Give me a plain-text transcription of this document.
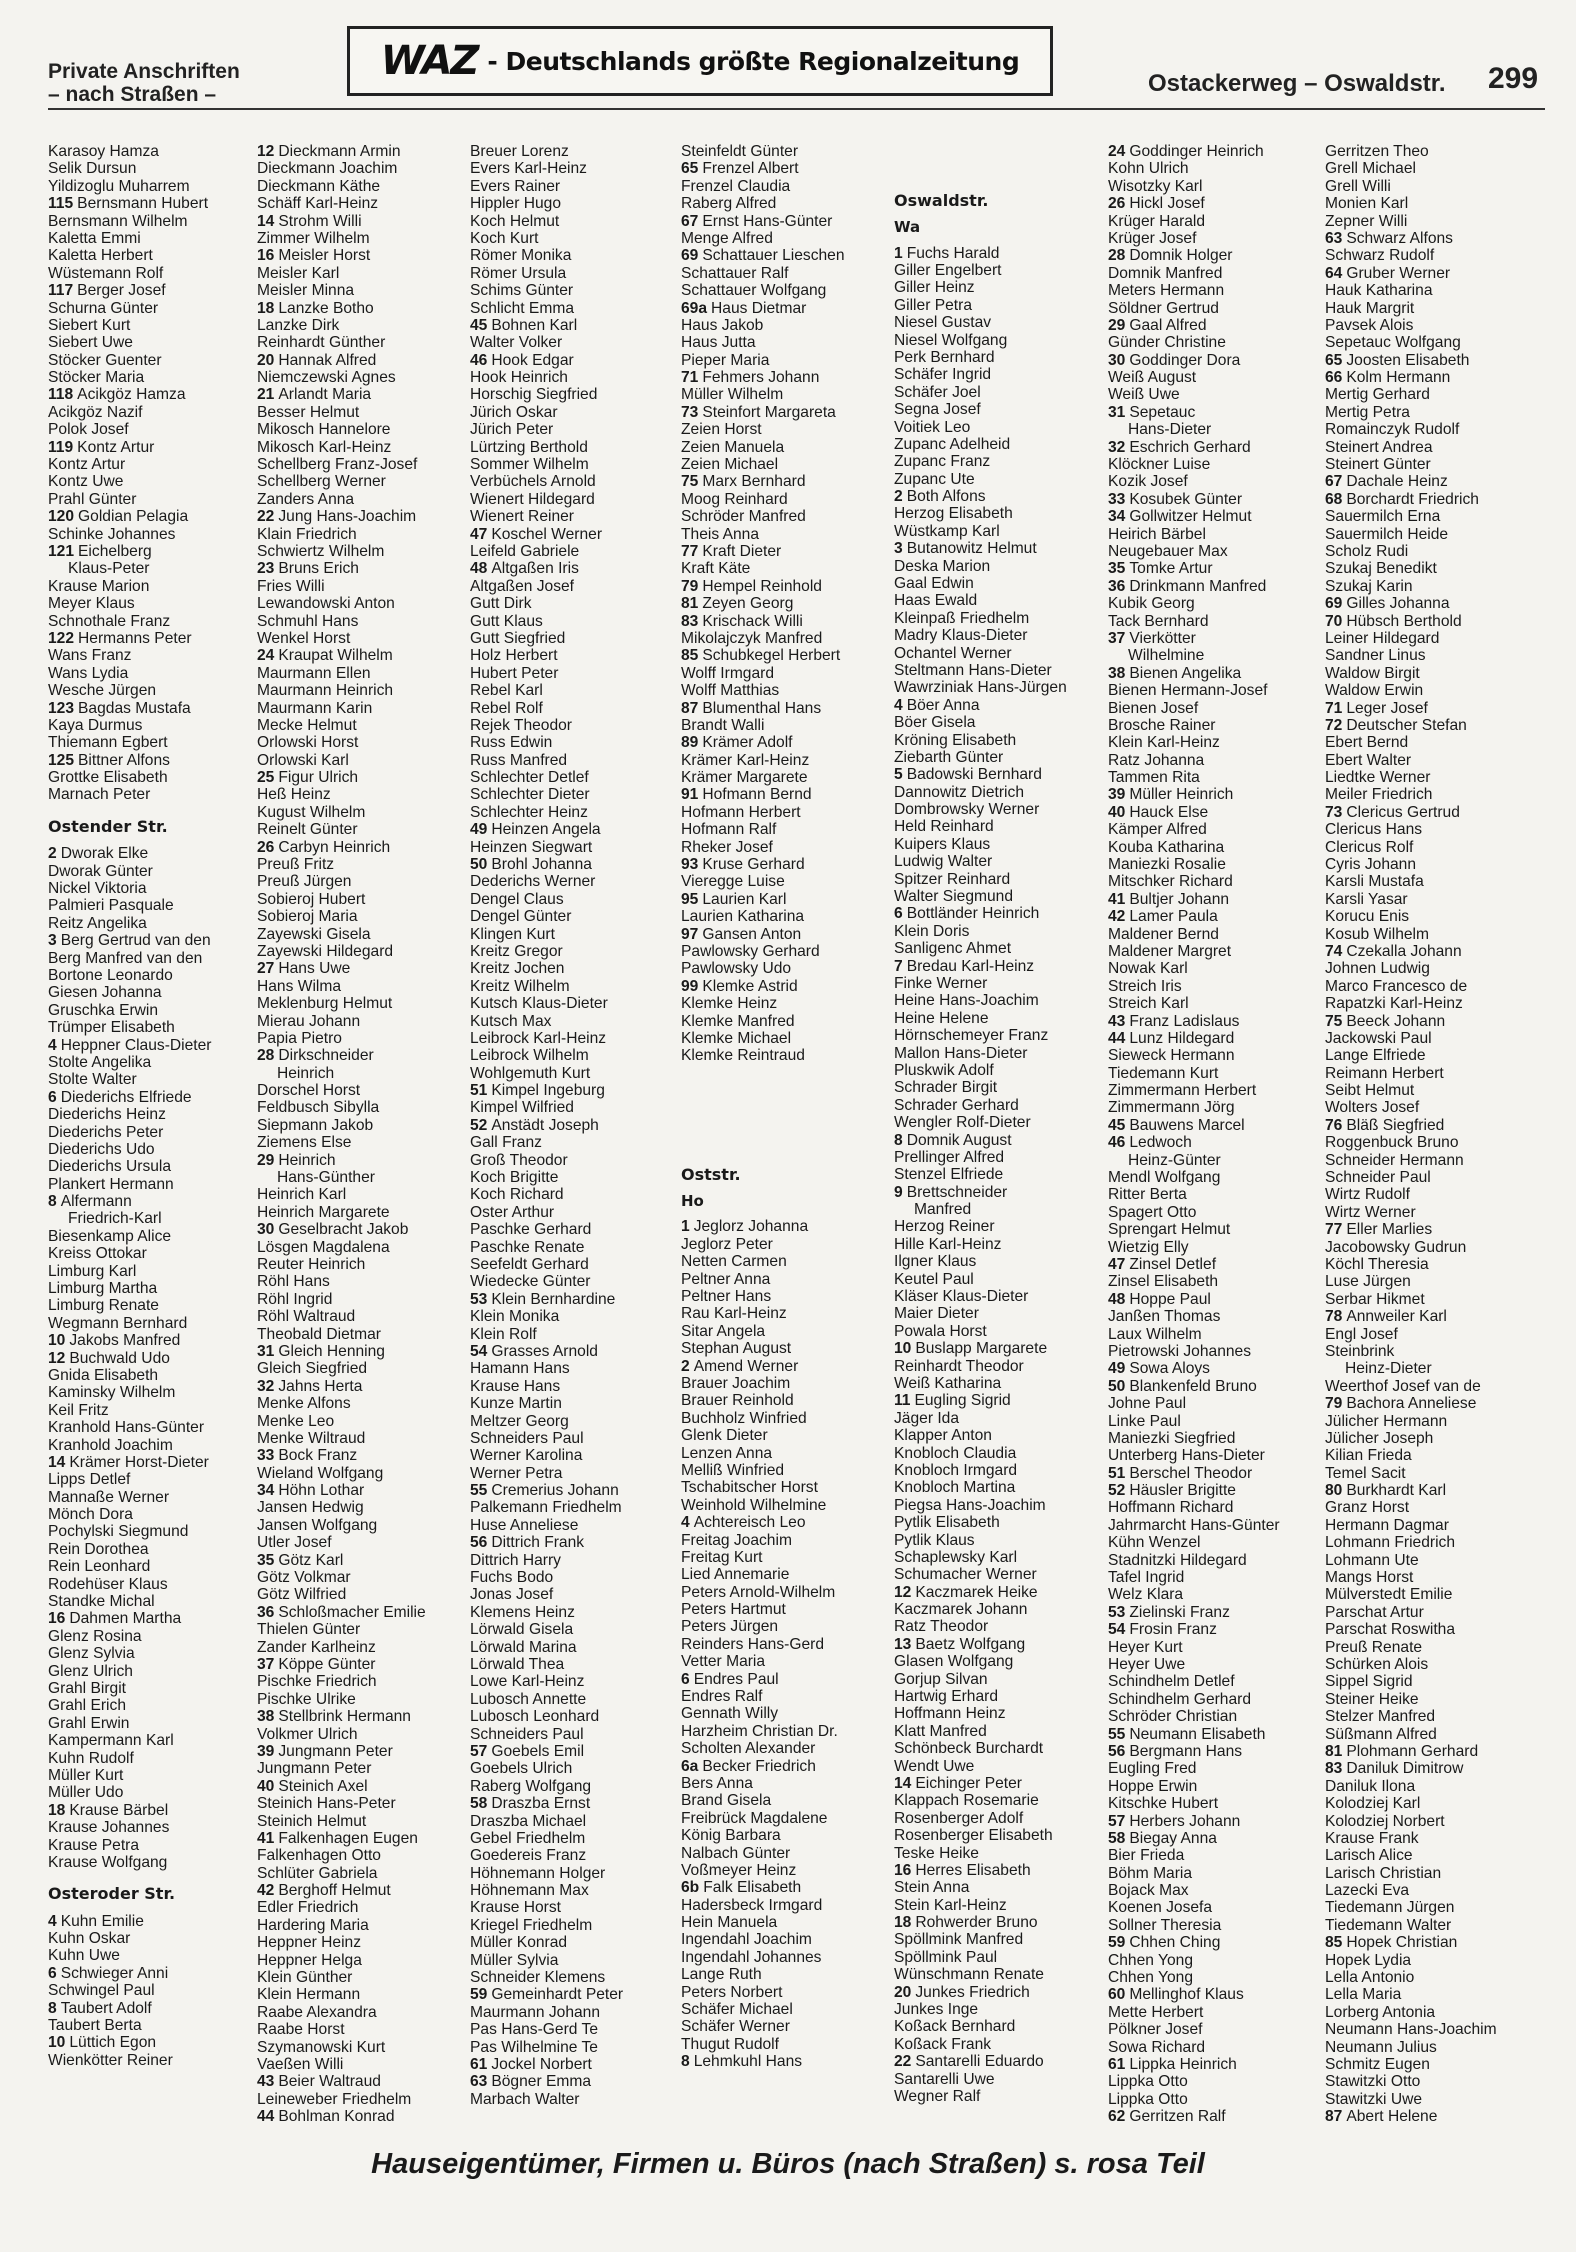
Private Anschriften
– nach Straßen –
WAZ - Deutschlands größte Regionalzeitung
Ostackerweg – Oswaldstr. 299
Karasoy Hamza
Selik Dursun
Yildizoglu Muharrem
115 Bernsmann Hubert
Bernsmann Wilhelm
Kaletta Emmi
Kaletta Herbert
Wüstemann Rolf
117 Berger Josef
Schurna Günter
Siebert Kurt
Siebert Uwe
Stöcker Guenter
Stöcker Maria
118 Acikgöz Hamza
Acikgöz Nazif
Polok Josef
119 Kontz Artur
Kontz Artur
Kontz Uwe
Prahl Günter
120 Goldian Pelagia
Schinke Johannes
121 Eichelberg
Klaus-Peter
Krause Marion
Meyer Klaus
Schnothale Franz
122 Hermanns Peter
Wans Franz
Wans Lydia
Wesche Jürgen
123 Bagdas Mustafa
Kaya Durmus
Thiemann Egbert
125 Bittner Alfons
Grottke Elisabeth
Marnach Peter
Ostender Str.
2 Dworak Elke
Dworak Günter
Nickel Viktoria
Palmieri Pasquale
Reitz Angelika
3 Berg Gertrud van den
Berg Manfred van den
Bortone Leonardo
Giesen Johanna
Gruschka Erwin
Trümper Elisabeth
4 Heppner Claus-Dieter
Stolte Angelika
Stolte Walter
6 Diederichs Elfriede
Diederichs Heinz
Diederichs Peter
Diederichs Udo
Diederichs Ursula
Plankert Hermann
8 Alfermann
Friedrich-Karl
Biesenkamp Alice
Kreiss Ottokar
Limburg Karl
Limburg Martha
Limburg Renate
Wegmann Bernhard
10 Jakobs Manfred
12 Buchwald Udo
Gnida Elisabeth
Kaminsky Wilhelm
Keil Fritz
Kranhold Hans-Günter
Kranhold Joachim
14 Krämer Horst-Dieter
Lipps Detlef
Mannaße Werner
Mönch Dora
Pochylski Siegmund
Rein Dorothea
Rein Leonhard
Rodehüser Klaus
Standke Michal
16 Dahmen Martha
Glenz Rosina
Glenz Sylvia
Glenz Ulrich
Grahl Birgit
Grahl Erich
Grahl Erwin
Kampermann Karl
Kuhn Rudolf
Müller Kurt
Müller Udo
18 Krause Bärbel
Krause Johannes
Krause Petra
Krause Wolfgang
Osteroder Str.
4 Kuhn Emilie
Kuhn Oskar
Kuhn Uwe
6 Schwieger Anni
Schwingel Paul
8 Taubert Adolf
Taubert Berta
10 Lüttich Egon
Wienkötter Reiner
12 Dieckmann Armin
Dieckmann Joachim
Dieckmann Käthe
Schäff Karl-Heinz
14 Strohm Willi
Zimmer Wilhelm
16 Meisler Horst
Meisler Karl
Meisler Minna
18 Lanzke Botho
Lanzke Dirk
Reinhardt Günther
20 Hannak Alfred
Niemczewski Agnes
21 Arlandt Maria
Besser Helmut
Mikosch Hannelore
Mikosch Karl-Heinz
Schellberg Franz-Josef
Schellberg Werner
Zanders Anna
22 Jung Hans-Joachim
Klain Friedrich
Schwiertz Wilhelm
23 Bruns Erich
Fries Willi
Lewandowski Anton
Schmuhl Hans
Wenkel Horst
24 Kraupat Wilhelm
Maurmann Ellen
Maurmann Heinrich
Maurmann Karin
Mecke Helmut
Orlowski Horst
Orlowski Karl
25 Figur Ulrich
Heß Heinz
Kugust Wilhelm
Reinelt Günter
26 Carbyn Heinrich
Preuß Fritz
Preuß Jürgen
Sobieroj Hubert
Sobieroj Maria
Zayewski Gisela
Zayewski Hildegard
27 Hans Uwe
Hans Wilma
Meklenburg Helmut
Mierau Johann
Papia Pietro
28 Dirkschneider
Heinrich
Dorschel Horst
Feldbusch Sibylla
Siepmann Jakob
Ziemens Else
29 Heinrich
Hans-Günther
Heinrich Karl
Heinrich Margarete
30 Geselbracht Jakob
Lösgen Magdalena
Reuter Heinrich
Röhl Hans
Röhl Ingrid
Röhl Waltraud
Theobald Dietmar
31 Gleich Henning
Gleich Siegfried
32 Jahns Herta
Menke Alfons
Menke Leo
Menke Wiltraud
33 Bock Franz
Wieland Wolfgang
34 Höhn Lothar
Jansen Hedwig
Jansen Wolfgang
Utler Josef
35 Götz Karl
Götz Volkmar
Götz Wilfried
36 Schloßmacher Emilie
Thielen Günter
Zander Karlheinz
37 Köppe Günter
Pischke Friedrich
Pischke Ulrike
38 Stellbrink Hermann
Volkmer Ulrich
39 Jungmann Peter
Jungmann Peter
40 Steinich Axel
Steinich Hans-Peter
Steinich Helmut
41 Falkenhagen Eugen
Falkenhagen Otto
Schlüter Gabriela
42 Berghoff Helmut
Edler Friedrich
Hardering Maria
Heppner Heinz
Heppner Helga
Klein Günther
Klein Hermann
Raabe Alexandra
Raabe Horst
Szymanowski Kurt
Vaeßen Willi
43 Beier Waltraud
Leineweber Friedhelm
44 Bohlman Konrad
Breuer Lorenz
Evers Karl-Heinz
Evers Rainer
Hippler Hugo
Koch Helmut
Koch Kurt
Römer Monika
Römer Ursula
Schims Günter
Schlicht Emma
45 Bohnen Karl
Walter Volker
46 Hook Edgar
Hook Heinrich
Horschig Siegfried
Jürich Oskar
Jürich Peter
Lürtzing Berthold
Sommer Wilhelm
Verbüchels Arnold
Wienert Hildegard
Wienert Reiner
47 Koschel Werner
Leifeld Gabriele
48 Altgaßen Iris
Altgaßen Josef
Gutt Dirk
Gutt Klaus
Gutt Siegfried
Holz Herbert
Hubert Peter
Rebel Karl
Rebel Rolf
Rejek Theodor
Russ Edwin
Russ Manfred
Schlechter Detlef
Schlechter Dieter
Schlechter Heinz
49 Heinzen Angela
Heinzen Siegwart
50 Brohl Johanna
Dederichs Werner
Dengel Claus
Dengel Günter
Klingen Kurt
Kreitz Gregor
Kreitz Jochen
Kreitz Wilhelm
Kutsch Klaus-Dieter
Kutsch Max
Leibrock Karl-Heinz
Leibrock Wilhelm
Wohlgemuth Kurt
51 Kimpel Ingeburg
Kimpel Wilfried
52 Anstädt Joseph
Gall Franz
Groß Theodor
Koch Brigitte
Koch Richard
Oster Arthur
Paschke Gerhard
Paschke Renate
Seefeldt Gerhard
Wiedecke Günter
53 Klein Bernhardine
Klein Monika
Klein Rolf
54 Grasses Arnold
Hamann Hans
Krause Hans
Kunze Martin
Meltzer Georg
Schneiders Paul
Werner Karolina
Werner Petra
55 Cremerius Johann
Palkemann Friedhelm
Huse Anneliese
56 Dittrich Frank
Dittrich Harry
Fuchs Bodo
Jonas Josef
Klemens Heinz
Lörwald Gisela
Lörwald Marina
Lörwald Thea
Lowe Karl-Heinz
Lubosch Annette
Lubosch Leonhard
Schneiders Paul
57 Goebels Emil
Goebels Ulrich
Raberg Wolfgang
58 Draszba Ernst
Draszba Michael
Gebel Friedhelm
Goedereis Franz
Höhnemann Holger
Höhnemann Max
Krause Horst
Kriegel Friedhelm
Müller Konrad
Müller Sylvia
Schneider Klemens
59 Gemeinhardt Peter
Maurmann Johann
Pas Hans-Gerd Te
Pas Wilhelmine Te
61 Jockel Norbert
63 Bögner Emma
Marbach Walter
Steinfeldt Günter
65 Frenzel Albert
Frenzel Claudia
Raberg Alfred
67 Ernst Hans-Günter
Menge Alfred
69 Schattauer Lieschen
Schattauer Ralf
Schattauer Wolfgang
69a Haus Dietmar
Haus Jakob
Haus Jutta
Pieper Maria
71 Fehmers Johann
Müller Wilhelm
73 Steinfort Margareta
Zeien Horst
Zeien Manuela
Zeien Michael
75 Marx Bernhard
Moog Reinhard
Schröder Manfred
Theis Anna
77 Kraft Dieter
Kraft Käte
79 Hempel Reinhold
81 Zeyen Georg
83 Krischack Willi
Mikolajczyk Manfred
85 Schubkegel Herbert
Wolff Irmgard
Wolff Matthias
87 Blumenthal Hans
Brandt Walli
89 Krämer Adolf
Krämer Karl-Heinz
Krämer Margarete
91 Hofmann Bernd
Hofmann Herbert
Hofmann Ralf
Rheker Josef
93 Kruse Gerhard
Vieregge Luise
95 Laurien Karl
Laurien Katharina
97 Gansen Anton
Pawlowsky Gerhard
Pawlowsky Udo
99 Klemke Astrid
Klemke Heinz
Klemke Manfred
Klemke Michael
Klemke Reintraud
Oststr.
Ho
1 Jeglorz Johanna
Jeglorz Peter
Netten Carmen
Peltner Anna
Peltner Hans
Rau Karl-Heinz
Sitar Angela
Stephan August
2 Amend Werner
Brauer Joachim
Brauer Reinhold
Buchholz Winfried
Glenk Dieter
Lenzen Anna
Melliß Winfried
Tschabitscher Horst
Weinhold Wilhelmine
4 Achtereisch Leo
Freitag Joachim
Freitag Kurt
Lied Annemarie
Peters Arnold-Wilhelm
Peters Hartmut
Peters Jürgen
Reinders Hans-Gerd
Vetter Maria
6 Endres Paul
Endres Ralf
Gennath Willy
Harzheim Christian Dr.
Scholten Alexander
6a Becker Friedrich
Bers Anna
Brand Gisela
Freibrück Magdalene
König Barbara
Nalbach Günter
Voßmeyer Heinz
6b Falk Elisabeth
Hadersbeck Irmgard
Hein Manuela
Ingendahl Joachim
Ingendahl Johannes
Lange Ruth
Peters Norbert
Schäfer Michael
Schäfer Werner
Thugut Rudolf
8 Lehmkuhl Hans
Oswaldstr.
Wa
1 Fuchs Harald
Giller Engelbert
Giller Heinz
Giller Petra
Niesel Gustav
Niesel Wolfgang
Perk Bernhard
Schäfer Ingrid
Schäfer Joel
Segna Josef
Voitiek Leo
Zupanc Adelheid
Zupanc Franz
Zupanc Ute
2 Both Alfons
Herzog Elisabeth
Wüstkamp Karl
3 Butanowitz Helmut
Deska Marion
Gaal Edwin
Haas Ewald
Kleinpaß Friedhelm
Madry Klaus-Dieter
Ochantel Werner
Steltmann Hans-Dieter
Wawrziniak Hans-Jürgen
4 Böer Anna
Böer Gisela
Kröning Elisabeth
Ziebarth Günter
5 Badowski Bernhard
Dannowitz Dietrich
Dombrowsky Werner
Held Reinhard
Kuipers Klaus
Ludwig Walter
Spitzer Reinhard
Walter Siegmund
6 Bottländer Heinrich
Klein Doris
Sanligenc Ahmet
7 Bredau Karl-Heinz
Finke Werner
Heine Hans-Joachim
Heine Helene
Hörnschemeyer Franz
Mallon Hans-Dieter
Pluskwik Adolf
Schrader Birgit
Schrader Gerhard
Wengler Rolf-Dieter
8 Domnik August
Prellinger Alfred
Stenzel Elfriede
9 Brettschneider
Manfred
Herzog Reiner
Hille Karl-Heinz
Ilgner Klaus
Keutel Paul
Kläser Klaus-Dieter
Maier Dieter
Powala Horst
10 Buslapp Margarete
Reinhardt Theodor
Weiß Katharina
11 Eugling Sigrid
Jäger Ida
Klapper Anton
Knobloch Claudia
Knobloch Irmgard
Knobloch Martina
Piegsa Hans-Joachim
Pytlik Elisabeth
Pytlik Klaus
Schaplewsky Karl
Schumacher Werner
12 Kaczmarek Heike
Kaczmarek Johann
Ratz Theodor
13 Baetz Wolfgang
Glasen Wolfgang
Gorjup Silvan
Hartwig Erhard
Hoffmann Heinz
Klatt Manfred
Schönbeck Burchardt
Wendt Uwe
14 Eichinger Peter
Klappach Rosemarie
Rosenberger Adolf
Rosenberger Elisabeth
Teske Heike
16 Herres Elisabeth
Stein Anna
Stein Karl-Heinz
18 Rohwerder Bruno
Spöllmink Manfred
Spöllmink Paul
Wünschmann Renate
20 Junkes Friedrich
Junkes Inge
Koßack Bernhard
Koßack Frank
22 Santarelli Eduardo
Santarelli Uwe
Wegner Ralf
24 Goddinger Heinrich
Kohn Ulrich
Wisotzky Karl
26 Hickl Josef
Krüger Harald
Krüger Josef
28 Domnik Holger
Domnik Manfred
Meters Hermann
Söldner Gertrud
29 Gaal Alfred
Günder Christine
30 Goddinger Dora
Weiß August
Weiß Uwe
31 Sepetauc
Hans-Dieter
32 Eschrich Gerhard
Klöckner Luise
Kozik Josef
33 Kosubek Günter
34 Gollwitzer Helmut
Heirich Bärbel
Neugebauer Max
35 Tomke Artur
36 Drinkmann Manfred
Kubik Georg
Tack Bernhard
37 Vierkötter
Wilhelmine
38 Bienen Angelika
Bienen Hermann-Josef
Bienen Josef
Brosche Rainer
Klein Karl-Heinz
Ratz Johanna
Tammen Rita
39 Müller Heinrich
40 Hauck Else
Kämper Alfred
Kouba Katharina
Maniezki Rosalie
Mitschker Richard
41 Bultjer Johann
42 Lamer Paula
Maldener Bernd
Maldener Margret
Nowak Karl
Streich Iris
Streich Karl
43 Franz Ladislaus
44 Lunz Hildegard
Sieweck Hermann
Tiedemann Kurt
Zimmermann Herbert
Zimmermann Jörg
45 Bauwens Marcel
46 Ledwoch
Heinz-Günter
Mendl Wolfgang
Ritter Berta
Spagert Otto
Sprengart Helmut
Wietzig Elly
47 Zinsel Detlef
Zinsel Elisabeth
48 Hoppe Paul
Janßen Thomas
Laux Wilhelm
Pietrowski Johannes
49 Sowa Aloys
50 Blankenfeld Bruno
Johne Paul
Linke Paul
Maniezki Siegfried
Unterberg Hans-Dieter
51 Berschel Theodor
52 Häusler Brigitte
Hoffmann Richard
Jahrmarcht Hans-Günter
Kühn Wenzel
Stadnitzki Hildegard
Tafel Ingrid
Welz Klara
53 Zielinski Franz
54 Frosin Franz
Heyer Kurt
Heyer Uwe
Schindhelm Detlef
Schindhelm Gerhard
Schröder Christian
55 Neumann Elisabeth
56 Bergmann Hans
Eugling Fred
Hoppe Erwin
Kitschke Hubert
57 Herbers Johann
58 Biegay Anna
Bier Frieda
Böhm Maria
Bojack Max
Koenen Josefa
Sollner Theresia
59 Chhen Ching
Chhen Yong
Chhen Yong
60 Mellinghof Klaus
Mette Herbert
Pölkner Josef
Sowa Richard
61 Lippka Heinrich
Lippka Otto
Lippka Otto
62 Gerritzen Ralf
Gerritzen Theo
Grell Michael
Grell Willi
Monien Karl
Zepner Willi
63 Schwarz Alfons
Schwarz Rudolf
64 Gruber Werner
Hauk Katharina
Hauk Margrit
Pavsek Alois
Sepetauc Wolfgang
65 Joosten Elisabeth
66 Kolm Hermann
Mertig Gerhard
Mertig Petra
Romainczyk Rudolf
Steinert Andrea
Steinert Günter
67 Dachale Heinz
68 Borchardt Friedrich
Sauermilch Erna
Sauermilch Heide
Scholz Rudi
Szukaj Benedikt
Szukaj Karin
69 Gilles Johanna
70 Hübsch Berthold
Leiner Hildegard
Sandner Linus
Waldow Birgit
Waldow Erwin
71 Leger Josef
72 Deutscher Stefan
Ebert Bernd
Ebert Walter
Liedtke Werner
Meiler Friedrich
73 Clericus Gertrud
Clericus Hans
Clericus Rolf
Cyris Johann
Karsli Mustafa
Karsli Yasar
Korucu Enis
Kosub Wilhelm
74 Czekalla Johann
Johnen Ludwig
Marco Francesco de
Rapatzki Karl-Heinz
75 Beeck Johann
Jackowski Paul
Lange Elfriede
Reimann Herbert
Seibt Helmut
Wolters Josef
76 Bläß Siegfried
Roggenbuck Bruno
Schneider Hermann
Schneider Paul
Wirtz Rudolf
Wirtz Werner
77 Eller Marlies
Jacobowsky Gudrun
Köchl Theresia
Luse Jürgen
Serbar Hikmet
78 Annweiler Karl
Engl Josef
Steinbrink
Heinz-Dieter
Weerthof Josef van de
79 Bachora Anneliese
Jülicher Hermann
Jülicher Joseph
Kilian Frieda
Temel Sacit
80 Burkhardt Karl
Granz Horst
Hermann Dagmar
Lohmann Friedrich
Lohmann Ute
Mangs Horst
Mülverstedt Emilie
Parschat Artur
Parschat Roswitha
Preuß Renate
Schürken Alois
Sippel Sigrid
Steiner Heike
Stelzer Manfred
Süßmann Alfred
81 Plohmann Gerhard
83 Daniluk Dimitrow
Daniluk Ilona
Kolodziej Karl
Kolodziej Norbert
Krause Frank
Larisch Alice
Larisch Christian
Lazecki Eva
Tiedemann Jürgen
Tiedemann Walter
85 Hopek Christian
Hopek Lydia
Lella Antonio
Lella Maria
Lorberg Antonia
Neumann Hans-Joachim
Neumann Julius
Schmitz Eugen
Stawitzki Otto
Stawitzki Uwe
87 Abert Helene
Hauseigentümer, Firmen u. Büros (nach Straßen) s. rosa Teil
